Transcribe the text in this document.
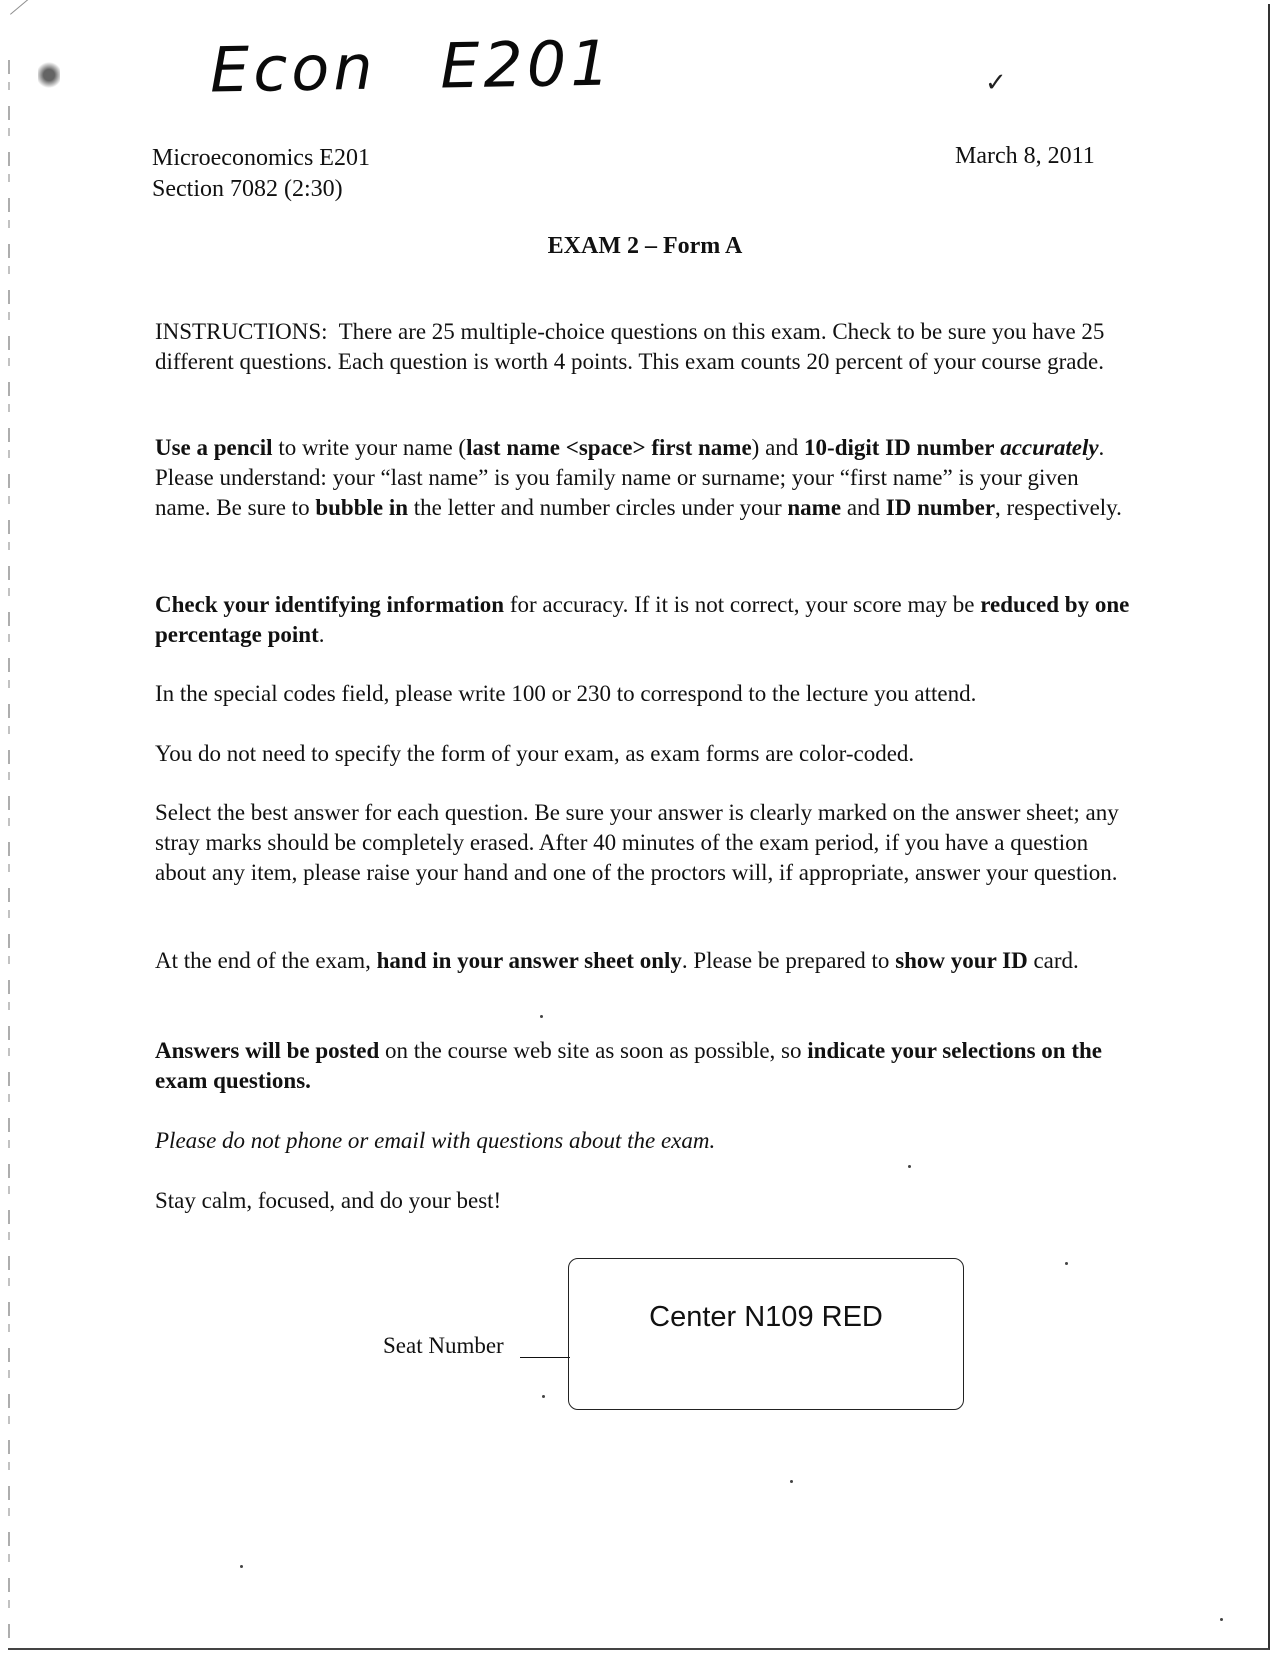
Econ E201	✓
Microeconomics E201
Section 7082 (2:30)
March 8, 2011
EXAM 2 – Form A

INSTRUCTIONS: There are 25 multiple-choice questions on this exam. Check to be sure you have 25 different questions. Each question is worth 4 points. This exam counts 20 percent of your course grade.

Use a pencil to write your name (last name <space> first name) and 10-digit ID number accurately. Please understand: your “last name” is you family name or surname; your “first name” is your given name. Be sure to bubble in the letter and number circles under your name and ID number, respectively.

Check your identifying information for accuracy. If it is not correct, your score may be reduced by one percentage point.

In the special codes field, please write 100 or 230 to correspond to the lecture you attend.
You do not need to specify the form of your exam, as exam forms are color-coded.
Select the best answer for each question. Be sure your answer is clearly marked on the answer sheet; any stray marks should be completely erased. After 40 minutes of the exam period, if you have a question about any item, please raise your hand and one of the proctors will, if appropriate, answer your question.

At the end of the exam, hand in your answer sheet only. Please be prepared to show your ID card.

Answers will be posted on the course web site as soon as possible, so indicate your selections on the exam questions.

Please do not phone or email with questions about the exam.
Stay calm, focused, and do your best!
Seat Number
Center N109 RED
